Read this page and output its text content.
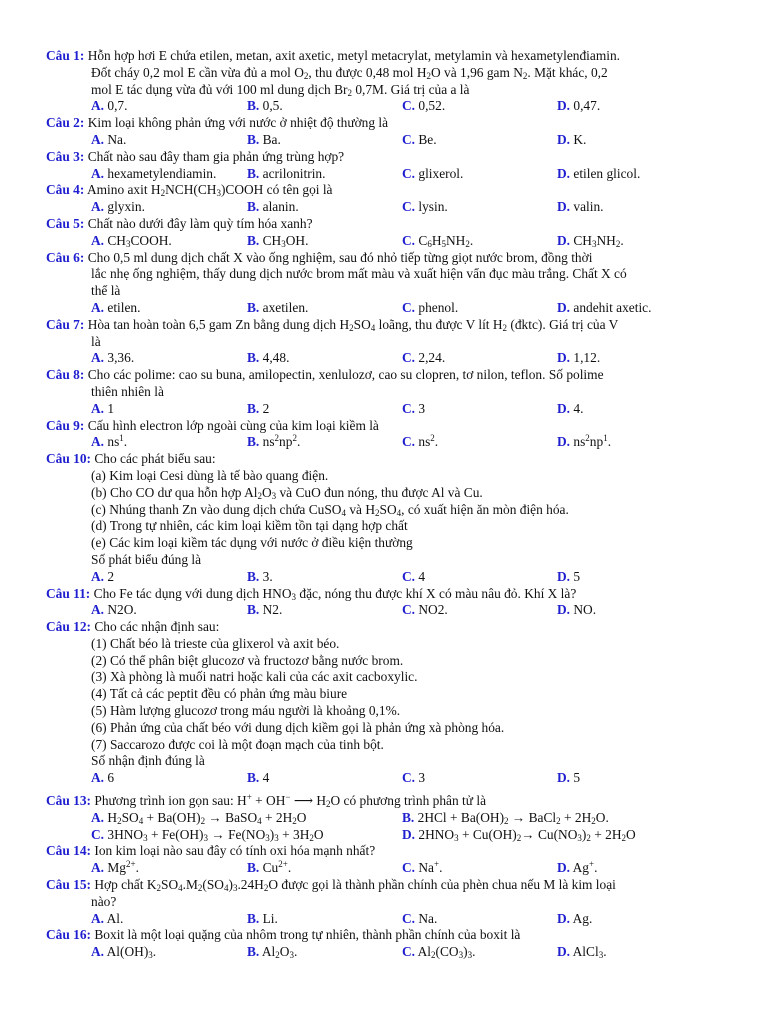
Câu 1: Hỗn hợp hơi E chứa etilen, metan, axit axetic, metyl metacrylat, metylamin và hexametylenđiamin.
Đốt cháy 0,2 mol E cần vừa đủ a mol $O_2$, thu được 0,48 mol $H_2O$ và 1,96 gam $N_2$. Mặt khác, 0,2
mol E tác dụng vừa đủ với 100 ml dung dịch $Br_2$ 0,7M. Giá trị của a là
A. 0,7.	B. 0,5.	C. 0,52.	D. 0,47.
Câu 2: Kim loại không phản ứng với nước ở nhiệt độ thường là
A. Na.	B. Ba.	C. Be.	D. K.
Câu 3: Chất nào sau đây tham gia phản ứng trùng hợp?
A. hexametylendiamin. B. acrilonitrin.	C. glixerol.	D. etilen glicol.
Câu 4: Amino axit $H_2NCH(CH_3)COOH$ có tên gọi là
A. glyxin.	B. alanin.	C. lysin.	D. valin.
Câu 5: Chất nào dưới đây làm quỳ tím hóa xanh?
A. $CH_3COOH$.	B. $CH_3OH$.	C. $C_6H_5NH_2$.	D. $CH_3NH_2$.
Câu 6: Cho 0,5 ml dung dịch chất X vào ống nghiệm, sau đó nhỏ tiếp từng giọt nước brom, đồng thời
lắc nhẹ ống nghiệm, thấy dung dịch nước brom mất màu và xuất hiện vẩn đục màu trắng. Chất X có
thể là
A. etilen.	B. axetilen.	C. phenol.	D. andehit axetic.
Câu 7: Hòa tan hoàn toàn 6,5 gam Zn bằng dung dịch $H_2SO_4$ loãng, thu được V lít $H_2$ (đktc). Giá trị của V
là
A. 3,36.	B. 4,48.	C. 2,24.	D. 1,12.
Câu 8: Cho các polime: cao su buna, amilopectin, xenlulozơ, cao su clopren, tơ nilon, teflon. Số polime
thiên nhiên là
A. 1	B. 2	C. 3	D. 4.
Câu 9: Cấu hình electron lớp ngoài cùng của kim loại kiềm là
A. $ns^1$.	B. $ns^2np^2$.	C. $ns^2$.	D. $ns^2np^1$.
Câu 10: Cho các phát biểu sau:
(a) Kim loại Cesi dùng là tế bào quang điện.
(b) Cho CO dư qua hỗn hợp $Al_2O_3$ và CuO đun nóng, thu được Al và Cu.
(c) Nhúng thanh Zn vào dung dịch chứa CuSO$_4$ và $H_2SO_4$, có xuất hiện ăn mòn điện hóa.
(d) Trong tự nhiên, các kim loại kiềm tồn tại dạng hợp chất
(e) Các kim loại kiềm tác dụng với nước ở điều kiện thường
Số phát biểu đúng là
A. 2	B. 3.	C. 4	D. 5
Câu 11: Cho Fe tác dụng với dung dịch $HNO_3$ đặc, nóng thu được khí X có màu nâu đỏ. Khí X là?
A. N2O.	B. N2.	C. NO2.	D. NO.
Câu 12: Cho các nhận định sau:
(1) Chất béo là trieste của glixerol và axit béo.
(2) Có thể phân biệt glucozơ và fructozơ bằng nước brom.
(3) Xà phòng là muối natri hoặc kali của các axit cacboxylic.
(4) Tất cả các peptit đều có phản ứng màu biure
(5) Hàm lượng glucozơ trong máu người là khoảng 0,1%.
(6) Phản ứng của chất béo với dung dịch kiềm gọi là phản ứng xà phòng hóa.
(7) Saccarozo được coi là một đoạn mạch của tinh bột.
Số nhận định đúng là
A. 6	B. 4	C. 3	D. 5
Câu 13: Phương trình ion gọn sau: H+ + OH− ⟶ $H_2O$ có phương trình phân tử là
A. $H_2SO_4 + Ba(OH)_2$ → BaSO$_4$ + $2H_2O$	B. $2HCl + Ba(OH)_2$ → BaCl$_2$ + $2H_2O$.
C. $3HNO_3 + Fe(OH)_3 \to Fe(NO_3)_3 + 3H_2O$	D. $2HNO_3 + Cu(OH)_2\to Cu(NO_3)_2 + 2H_2O$
Câu 14: Ion kim loại nào sau đây có tính oxi hóa mạnh nhất?
A. $Mg^{2+}$.	B. $Cu^{2+}$.	C. Na+.	D. Ag+.
Câu 15: Hợp chất $K_2SO_4.M_2(SO_4)_3.24H_2O$ được gọi là thành phần chính của phèn chua nếu M là kim loại
nào?
A. Al.	B. Li.	C. Na.	D. Ag.
Câu 16: Boxit là một loại quặng của nhôm trong tự nhiên, thành phần chính của boxit là
A. $Al(OH)_3$.	B. $Al_2O_3$.	C. $Al_2(CO_3)_3$.	D. AlCl$_3$.
